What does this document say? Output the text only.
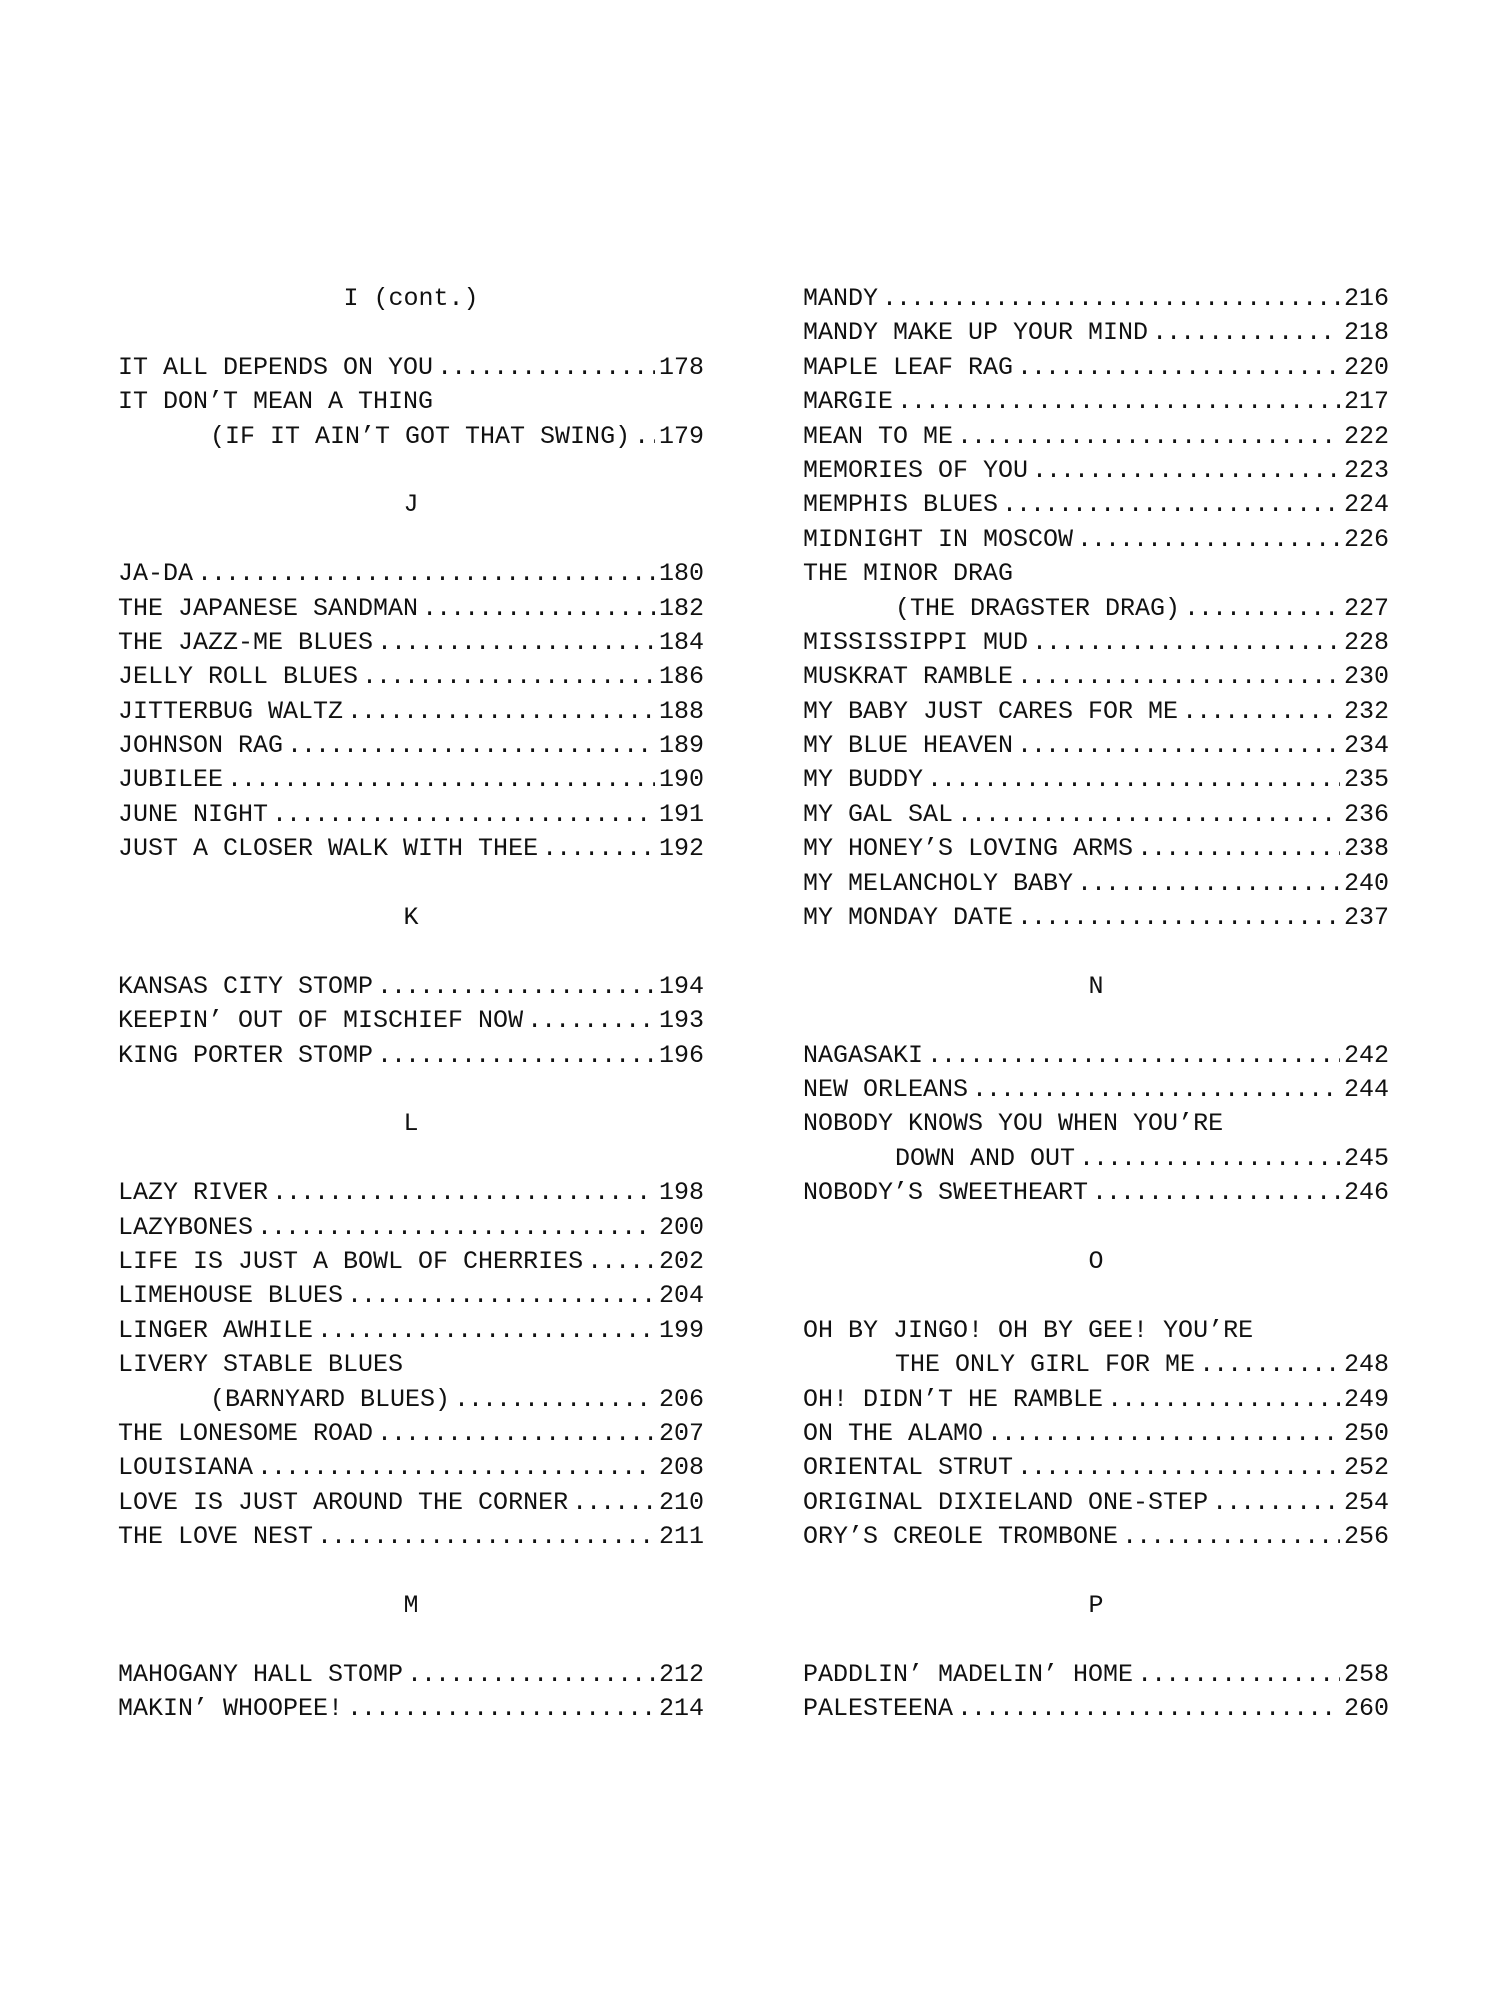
I (cont.)
IT ALL DEPENDS ON YOU .....	178
IT DON’T MEAN A THING
(IF IT AIN’T GOT THAT SWING) ..... 179
J
JA-DA .....	180
THE JAPANESE SANDMAN .....	182
THE JAZZ-ME BLUES .....	184
JELLY ROLL BLUES .....	186
JITTERBUG WALTZ .....	188
JOHNSON RAG .....	189
JUBILEE .....	190
JUNE NIGHT .....	191
JUST A CLOSER WALK WITH THEE .....	192
K
KANSAS CITY STOMP .....	194
KEEPIN’ OUT OF MISCHIEF NOW .....	193
KING PORTER STOMP .....	196
L
LAZY RIVER .....	198
LAZYBONES .....	200
LIFE IS JUST A BOWL OF CHERRIES .....	202
LIMEHOUSE BLUES .....	204
LINGER AWHILE .....	199
LIVERY STABLE BLUES
(BARNYARD BLUES) .....	206
THE LONESOME ROAD .....	207
LOUISIANA .....	208
LOVE IS JUST AROUND THE CORNER .....	210
THE LOVE NEST .....	211
M
MAHOGANY HALL STOMP .....	212
MAKIN’ WHOOPEE! .....	214
MANDY .....	216
MANDY MAKE UP YOUR MIND .....	218
MAPLE LEAF RAG .....	220
MARGIE .....	217
MEAN TO ME .....	222
MEMORIES OF YOU .....	223
MEMPHIS BLUES .....	224
MIDNIGHT IN MOSCOW .....	226
THE MINOR DRAG
(THE DRAGSTER DRAG) .....	227
MISSISSIPPI MUD .....	228
MUSKRAT RAMBLE .....	230
MY BABY JUST CARES FOR ME .....	232
MY BLUE HEAVEN .....	234
MY BUDDY .....	235
MY GAL SAL .....	236
MY HONEY’S LOVING ARMS .....	238
MY MELANCHOLY BABY .....	240
MY MONDAY DATE .....	237
N
NAGASAKI .....	242
NEW ORLEANS .....	244
NOBODY KNOWS YOU WHEN YOU’RE
DOWN AND OUT .....	245
NOBODY’S SWEETHEART .....	246
O
OH BY JINGO! OH BY GEE! YOU’RE
THE ONLY GIRL FOR ME .....	248
OH! DIDN’T HE RAMBLE .....	249
ON THE ALAMO .....	250
ORIENTAL STRUT .....	252
ORIGINAL DIXIELAND ONE-STEP .....	254
ORY’S CREOLE TROMBONE .....	256
P
PADDLIN’ MADELIN’ HOME .....	258
PALESTEENA .....	260
